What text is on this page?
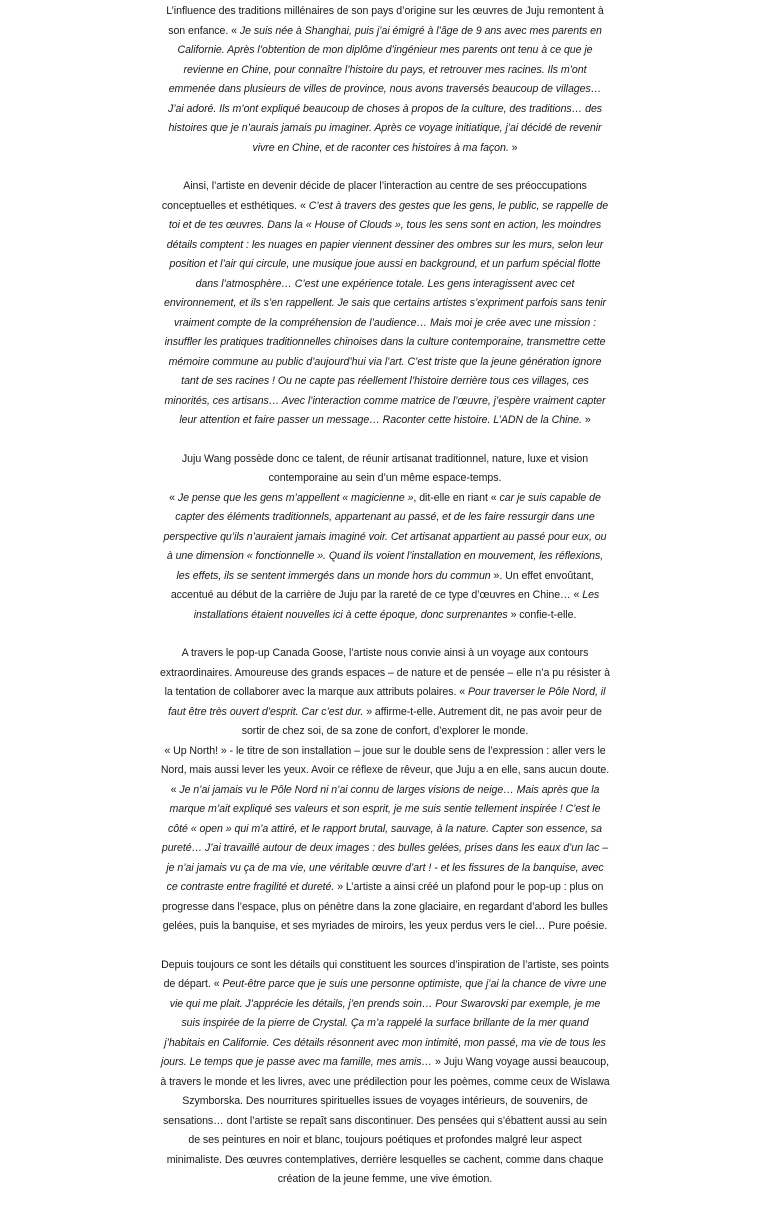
L’influence des traditions millénaires de son pays d’origine sur les œuvres de Juju remontent à son enfance. « Je suis née à Shanghai, puis j’ai émigré à l’âge de 9 ans avec mes parents en Californie. Après l’obtention de mon diplôme d’ingénieur mes parents ont tenu à ce que je revienne en Chine, pour connaître l’histoire du pays, et retrouver mes racines. Ils m’ont emmenée dans plusieurs de villes de province, nous avons traversés beaucoup de villages… J’ai adoré. Ils m’ont expliqué beaucoup de choses à propos de la culture, des traditions… des histoires que je n’aurais jamais pu imaginer. Après ce voyage initiatique, j’ai décidé de revenir vivre en Chine, et de raconter ces histoires à ma façon. »

Ainsi, l’artiste en devenir décide de placer l’interaction au centre de ses préoccupations conceptuelles et esthétiques. « C’est à travers des gestes que les gens, le public, se rappelle de toi et de tes œuvres. Dans la « House of Clouds », tous les sens sont en action, les moindres détails comptent : les nuages en papier viennent dessiner des ombres sur les murs, selon leur position et l’air qui circule, une musique joue aussi en background, et un parfum spécial flotte dans l’atmosphère… C’est une expérience totale. Les gens interagissent avec cet environnement, et ils s’en rappellent. Je sais que certains artistes s’expriment parfois sans tenir vraiment compte de la compréhension de l’audience… Mais moi je crée avec une mission : insuffler les pratiques traditionnelles chinoises dans la culture contemporaine, transmettre cette mémoire commune au public d’aujourd’hui via l’art. C’est triste que la jeune génération ignore tant de ses racines ! Ou ne capte pas réellement l’histoire derrière tous ces villages, ces minorités, ces artisans… Avec l’interaction comme matrice de l’œuvre, j’espère vraiment capter leur attention et faire passer un message… Raconter cette histoire. L’ADN de la Chine. »

Juju Wang possède donc ce talent, de réunir artisanat traditionnel, nature, luxe et vision contemporaine au sein d’un même espace-temps.
« Je pense que les gens m’appellent « magicienne », dit-elle en riant « car je suis capable de capter des éléments traditionnels, appartenant au passé, et de les faire ressurgir dans une perspective qu’ils n’auraient jamais imaginé voir. Cet artisanat appartient au passé pour eux, ou à une dimension « fonctionnelle ». Quand ils voient l’installation en mouvement, les réflexions, les effets, ils se sentent immergés dans un monde hors du commun ». Un effet envoûtant, accentué au début de la carrière de Juju par la rareté de ce type d’œuvres en Chine… « Les installations étaient nouvelles ici à cette époque, donc surprenantes » confie-t-elle.

A travers le pop-up Canada Goose, l’artiste nous convie ainsi à un voyage aux contours extraordinaires. Amoureuse des grands espaces – de nature et de pensée – elle n’a pu résister à la tentation de collaborer avec la marque aux attributs polaires. « Pour traverser le Pôle Nord, il faut être très ouvert d’esprit. Car c’est dur. » affirme-t-elle. Autrement dit, ne pas avoir peur de sortir de chez soi, de sa zone de confort, d’explorer le monde.
« Up North! » - le titre de son installation – joue sur le double sens de l’expression : aller vers le Nord, mais aussi lever les yeux. Avoir ce réflexe de rêveur, que Juju a en elle, sans aucun doute. « Je n’ai jamais vu le Pôle Nord ni n’ai connu de larges visions de neige… Mais après que la marque m’ait expliqué ses valeurs et son esprit, je me suis sentie tellement inspirée ! C’est le côté « open » qui m’a attiré, et le rapport brutal, sauvage, à la nature. Capter son essence, sa pureté… J’ai travaillé autour de deux images : des bulles gelées, prises dans les eaux d’un lac – je n’ai jamais vu ça de ma vie, une véritable œuvre d’art ! - et les fissures de la banquise, avec ce contraste entre fragilité et dureté. » L’artiste a ainsi créé un plafond pour le pop-up : plus on progresse dans l’espace, plus on pénètre dans la zone glaciaire, en regardant d’abord les bulles gelées, puis la banquise, et ses myriades de miroirs, les yeux perdus vers le ciel… Pure poésie.

Depuis toujours ce sont les détails qui constituent les sources d’inspiration de l’artiste, ses points de départ. « Peut-être parce que je suis une personne optimiste, que j’ai la chance de vivre une vie qui me plait. J’apprécie les détails, j’en prends soin… Pour Swarovski par exemple, je me suis inspirée de la pierre de Crystal. Ça m’a rappelé la surface brillante de la mer quand j’habitais en Californie. Ces détails résonnent avec mon intimité, mon passé, ma vie de tous les jours. Le temps que je passe avec ma famille, mes amis… » Juju Wang voyage aussi beaucoup, à travers le monde et les livres, avec une prédilection pour les poèmes, comme ceux de Wislawa Szymborska. Des nourritures spirituelles issues de voyages intérieurs, de souvenirs, de sensations… dont l’artiste se repaît sans discontinuer. Des pensées qui s’ébattent aussi au sein de ses peintures en noir et blanc, toujours poétiques et profondes malgré leur aspect minimaliste. Des œuvres contemplatives, derrière lesquelles se cachent, comme dans chaque création de la jeune femme, une vive émotion.
